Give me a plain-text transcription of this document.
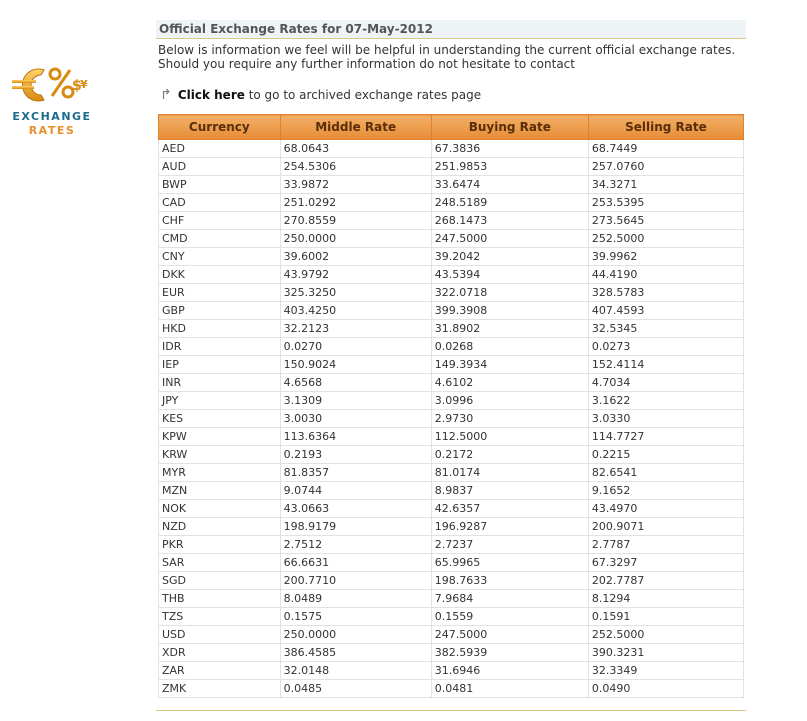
$
¥
EXCHANGE
RATES
Official Exchange Rates for 07-May-2012
Below is information we feel will be helpful in understanding the current official exchange rates.
Should you require any further information do not hesitate to contact
↱ Click here to go to archived exchange rates page
Currency	Middle Rate	Buying Rate	Selling Rate
AED	68.0643	67.3836	68.7449
AUD	254.5306	251.9853	257.0760
BWP	33.9872	33.6474	34.3271
CAD	251.0292	248.5189	253.5395
CHF	270.8559	268.1473	273.5645
CMD	250.0000	247.5000	252.5000
CNY	39.6002	39.2042	39.9962
DKK	43.9792	43.5394	44.4190
EUR	325.3250	322.0718	328.5783
GBP	403.4250	399.3908	407.4593
HKD	32.2123	31.8902	32.5345
IDR	0.0270	0.0268	0.0273
IEP	150.9024	149.3934	152.4114
INR	4.6568	4.6102	4.7034
JPY	3.1309	3.0996	3.1622
KES	3.0030	2.9730	3.0330
KPW	113.6364	112.5000	114.7727
KRW	0.2193	0.2172	0.2215
MYR	81.8357	81.0174	82.6541
MZN	9.0744	8.9837	9.1652
NOK	43.0663	42.6357	43.4970
NZD	198.9179	196.9287	200.9071
PKR	2.7512	2.7237	2.7787
SAR	66.6631	65.9965	67.3297
SGD	200.7710	198.7633	202.7787
THB	8.0489	7.9684	8.1294
TZS	0.1575	0.1559	0.1591
USD	250.0000	247.5000	252.5000
XDR	386.4585	382.5939	390.3231
ZAR	32.0148	31.6946	32.3349
ZMK	0.0485	0.0481	0.0490
